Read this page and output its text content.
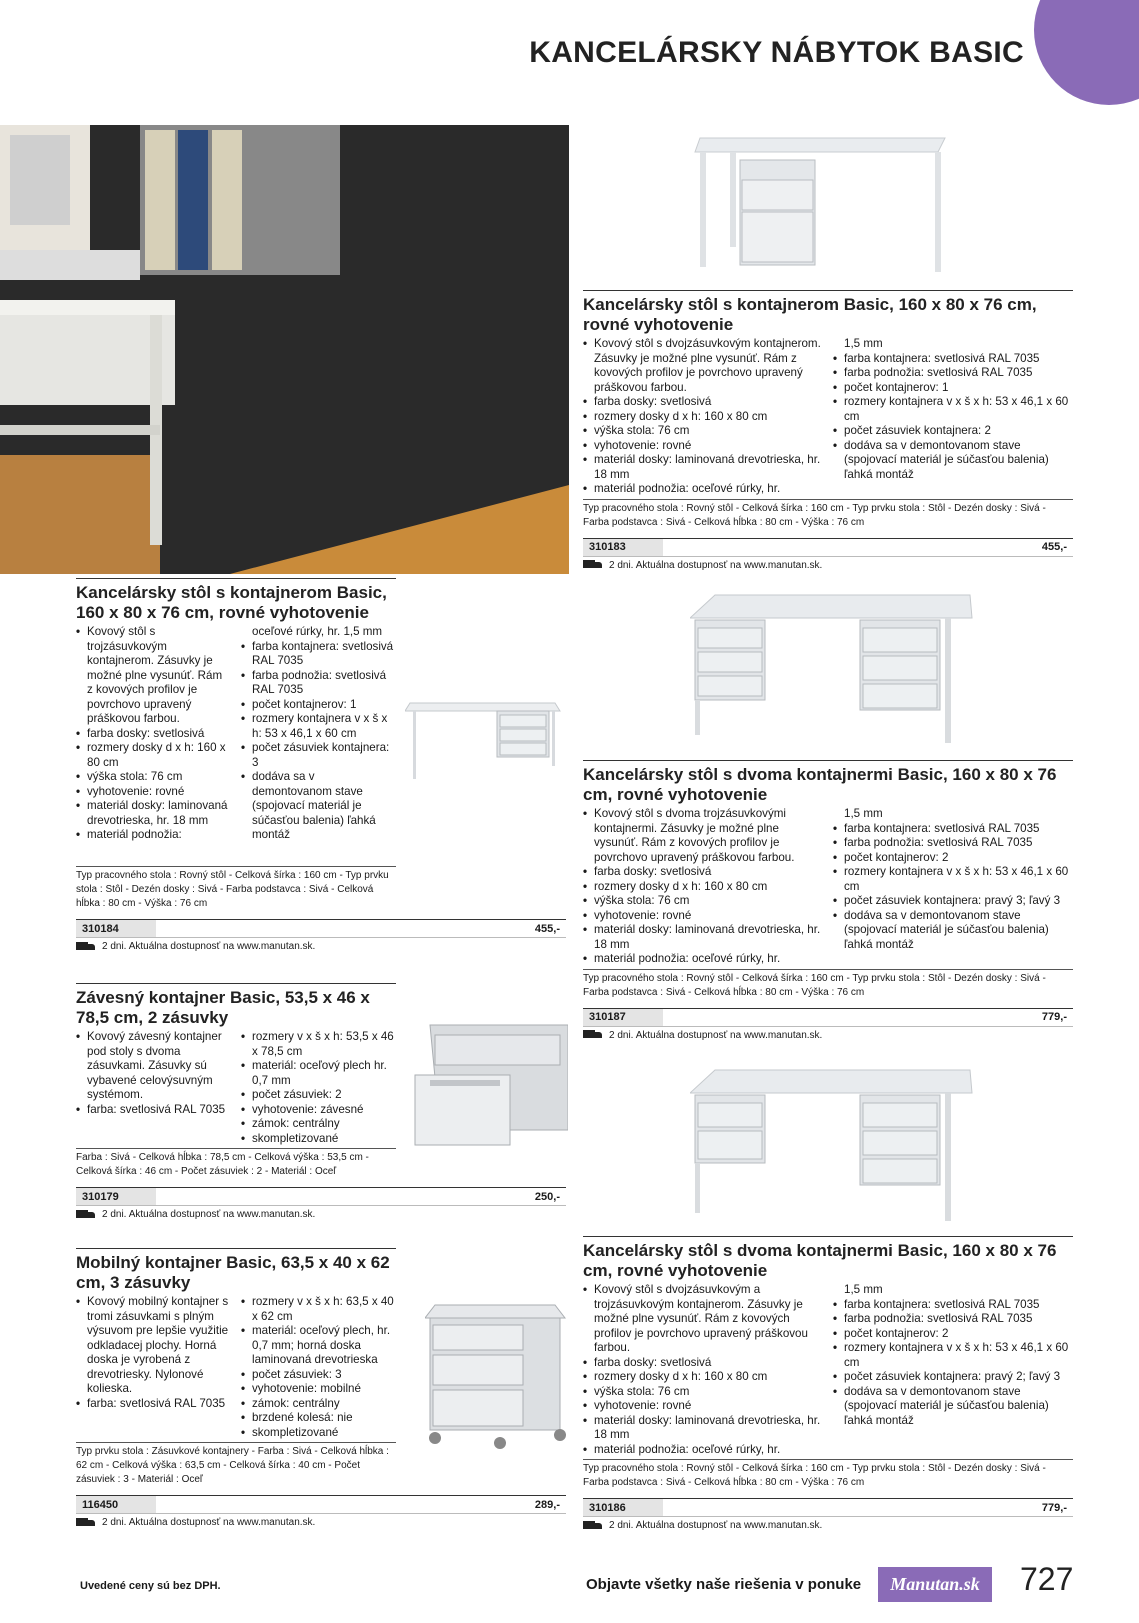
KANCELÁRSKY NÁBYTOK BASIC
Kancelársky stôl s kontajnerom Basic, 160 x 80 x 76 cm, rovné vyhotovenie
• Kovový stôl s dvojzásuvkovým kontajnerom. Zásuvky je možné plne vysunúť. Rám z kovových profilov je povrchovo upravený práškovou farbou.
• farba dosky: svetlosivá
• rozmery dosky d x h: 160 x 80 cm
• výška stola: 76 cm
• vyhotovenie: rovné
• materiál dosky: laminovaná drevotrieska, hr. 18 mm
• materiál podnožia: oceľové rúrky, hr.
1,5 mm
• farba kontajnera: svetlosivá RAL 7035
• farba podnožia: svetlosivá RAL 7035
• počet kontajnerov: 1
• rozmery kontajnera v x š x h: 53 x 46,1 x 60 cm
• počet zásuviek kontajnera: 2
• dodáva sa v demontovanom stave (spojovací materiál je súčasťou balenia) ľahká montáž
Typ pracovného stola : Rovný stôl - Celková šírka : 160 cm - Typ prvku stola : Stôl - Dezén dosky : Sivá - Farba podstavca : Sivá - Celková hĺbka : 80 cm - Výška : 76 cm
310183	455,-
2 dni. Aktuálna dostupnosť na www.manutan.sk.
Kancelársky stôl s kontajnerom Basic, 160 x 80 x 76 cm, rovné vyhotovenie
• Kovový stôl s trojzásuvkovým kontajnerom. Zásuvky je možné plne vysunúť. Rám z kovových profilov je povrchovo upravený práškovou farbou.
• farba dosky: svetlosivá
• rozmery dosky d x h: 160 x 80 cm
• výška stola: 76 cm
• vyhotovenie: rovné
• materiál dosky: laminovaná drevotrieska, hr. 18 mm
• materiál podnožia:
oceľové rúrky, hr. 1,5 mm
• farba kontajnera: svetlosivá RAL 7035
• farba podnožia: svetlosivá RAL 7035
• počet kontajnerov: 1
• rozmery kontajnera v x š x h: 53 x 46,1 x 60 cm
• počet zásuviek kontajnera: 3
• dodáva sa v demontovanom stave (spojovací materiál je súčasťou balenia) ľahká montáž
Typ pracovného stola : Rovný stôl - Celková šírka : 160 cm - Typ prvku stola : Stôl - Dezén dosky : Sivá - Farba podstavca : Sivá - Celková hĺbka : 80 cm - Výška : 76 cm
310184	455,-
2 dni. Aktuálna dostupnosť na www.manutan.sk.
Kancelársky stôl s dvoma kontajnermi Basic, 160 x 80 x 76 cm, rovné vyhotovenie
• Kovový stôl s dvoma trojzásuvkovými kontajnermi. Zásuvky je možné plne vysunúť. Rám z kovových profilov je povrchovo upravený práškovou farbou.
• farba dosky: svetlosivá
• rozmery dosky d x h: 160 x 80 cm
• výška stola: 76 cm
• vyhotovenie: rovné
• materiál dosky: laminovaná drevotrieska, hr. 18 mm
• materiál podnožia: oceľové rúrky, hr.
1,5 mm
• farba kontajnera: svetlosivá RAL 7035
• farba podnožia: svetlosivá RAL 7035
• počet kontajnerov: 2
• rozmery kontajnera v x š x h: 53 x 46,1 x 60 cm
• počet zásuviek kontajnera: pravý 3; ľavý 3
• dodáva sa v demontovanom stave (spojovací materiál je súčasťou balenia) ľahká montáž
Typ pracovného stola : Rovný stôl - Celková šírka : 160 cm - Typ prvku stola : Stôl - Dezén dosky : Sivá - Farba podstavca : Sivá - Celková hĺbka : 80 cm - Výška : 76 cm
310187	779,-
2 dni. Aktuálna dostupnosť na www.manutan.sk.
Závesný kontajner Basic, 53,5 x 46 x 78,5 cm, 2 zásuvky
• Kovový závesný kontajner pod stoly s dvoma zásuvkami. Zásuvky sú vybavené celovýsuvným systémom.
• farba: svetlosivá RAL 7035
• rozmery v x š x h: 53,5 x 46 x 78,5 cm
• materiál: oceľový plech hr. 0,7 mm
• počet zásuviek: 2
• vyhotovenie: závesné
• zámok: centrálny
• skompletizované
Farba : Sivá - Celková hĺbka : 78,5 cm - Celková výška : 53,5 cm - Celková šírka : 46 cm - Počet zásuviek : 2 - Materiál : Oceľ
310179	250,-
2 dni. Aktuálna dostupnosť na www.manutan.sk.
Kancelársky stôl s dvoma kontajnermi Basic, 160 x 80 x 76 cm, rovné vyhotovenie
• Kovový stôl s dvojzásuvkovým a trojzásuvkovým kontajnerom. Zásuvky je možné plne vysunúť. Rám z kovových profilov je povrchovo upravený práškovou farbou.
• farba dosky: svetlosivá
• rozmery dosky d x h: 160 x 80 cm
• výška stola: 76 cm
• vyhotovenie: rovné
• materiál dosky: laminovaná drevotrieska, hr. 18 mm
• materiál podnožia: oceľové rúrky, hr.
1,5 mm
• farba kontajnera: svetlosivá RAL 7035
• farba podnožia: svetlosivá RAL 7035
• počet kontajnerov: 2
• rozmery kontajnera v x š x h: 53 x 46,1 x 60 cm
• počet zásuviek kontajnera: pravý 2; ľavý 3
• dodáva sa v demontovanom stave (spojovací materiál je súčasťou balenia) ľahká montáž
Typ pracovného stola : Rovný stôl - Celková šírka : 160 cm - Typ prvku stola : Stôl - Dezén dosky : Sivá - Farba podstavca : Sivá - Celková hĺbka : 80 cm - Výška : 76 cm
310186	779,-
2 dni. Aktuálna dostupnosť na www.manutan.sk.
Mobilný kontajner Basic, 63,5 x 40 x 62 cm, 3 zásuvky
• Kovový mobilný kontajner s tromi zásuvkami s plným výsuvom pre lepšie využitie odkladacej plochy. Horná doska je vyrobená z drevotriesky. Nylonové kolieska.
• farba: svetlosivá RAL 7035
• rozmery v x š x h: 63,5 x 40 x 62 cm
• materiál: oceľový plech, hr. 0,7 mm; horná doska laminovaná drevotrieska
• počet zásuviek: 3
• vyhotovenie: mobilné
• zámok: centrálny
• brzdené kolesá: nie
• skompletizované
Typ prvku stola : Zásuvkové kontajnery - Farba : Sivá - Celková hĺbka : 62 cm - Celková výška : 63,5 cm - Celková šírka : 40 cm - Počet zásuviek : 3 - Materiál : Oceľ
116450	289,-
2 dni. Aktuálna dostupnosť na www.manutan.sk.
Uvedené ceny sú bez DPH.	Objavte všetky naše riešenia v ponuke	Manutan.sk	727
